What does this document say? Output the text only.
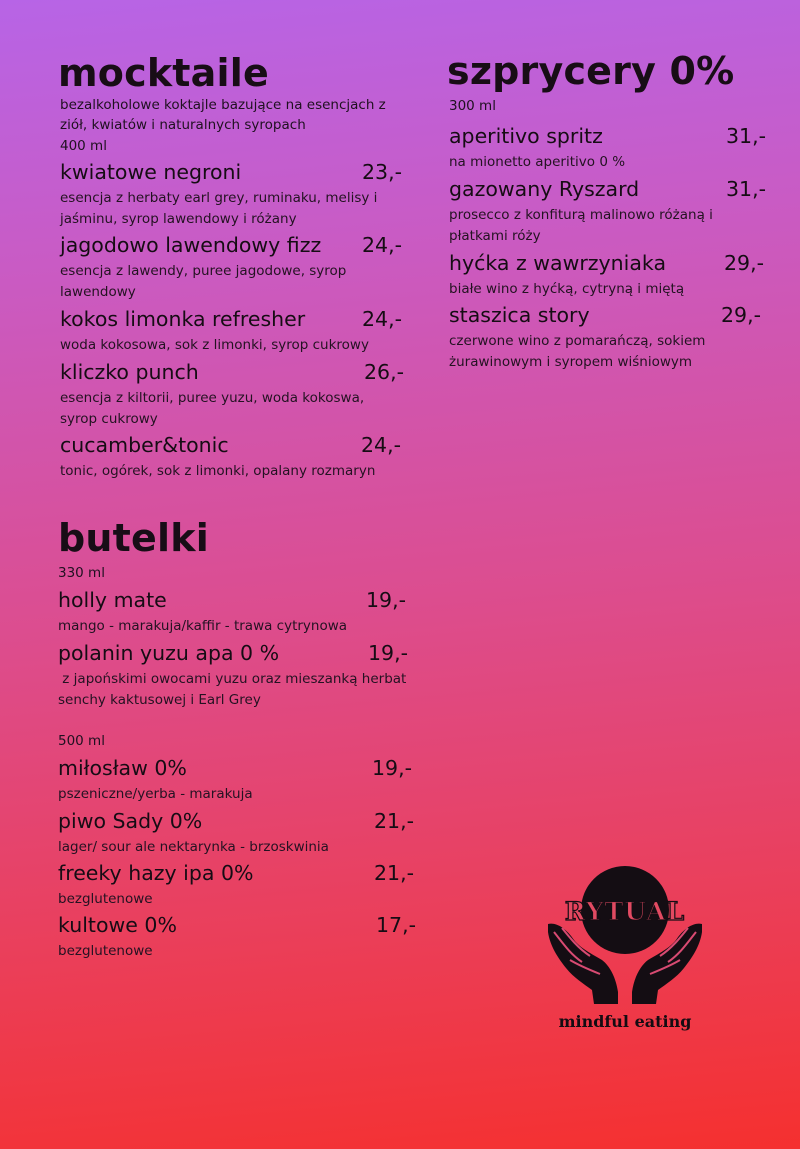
mocktaile
bezalkoholowe koktajle bazujące na esencjach z ziół, kwiatów i naturalnych syropach
400 ml
kwiatowe negroni	23,-
esencja z herbaty earl grey, ruminaku, melisy i jaśminu, syrop lawendowy i różany
jagodowo lawendowy fizz 24,-
esencja z lawendy, puree jagodowe, syrop lawendowy
kokos limonka refresher	24,-
woda kokosowa, sok z limonki, syrop cukrowy
kliczko punch	26,-
esencja z kiltorii, puree yuzu, woda kokoswa, syrop cukrowy
cucamber&tonic	24,-
tonic, ogórek, sok z limonki, opalany rozmaryn
szprycery 0%
300 ml
aperitivo spritz	31,-
na mionetto aperitivo 0 %
gazowany Ryszard	31,-
prosecco z konfiturą malinowo różaną i płatkami róży
hyćka z wawrzyniaka	29,-
białe wino z hyćką, cytryną i miętą
staszica story	29,-
czerwone wino z pomarańczą, sokiem żurawinowym i syropem wiśniowym
butelki
330 ml
holly mate	19,-
mango - marakuja/kaffir - trawa cytrynowa
polanin yuzu apa 0 %	19,-
z japońskimi owocami yuzu oraz mieszanką herbat senchy kaktusowej i Earl Grey
500 ml
miłosław 0%	19,-
pszeniczne/yerba - marakuja
piwo Sady 0%	21,-
lager/ sour ale nektarynka - brzoskwinia
freeky hazy ipa 0%	21,-
bezglutenowe
kultowe 0%	17,-
bezglutenowe
RYTUAL
mindful eating
